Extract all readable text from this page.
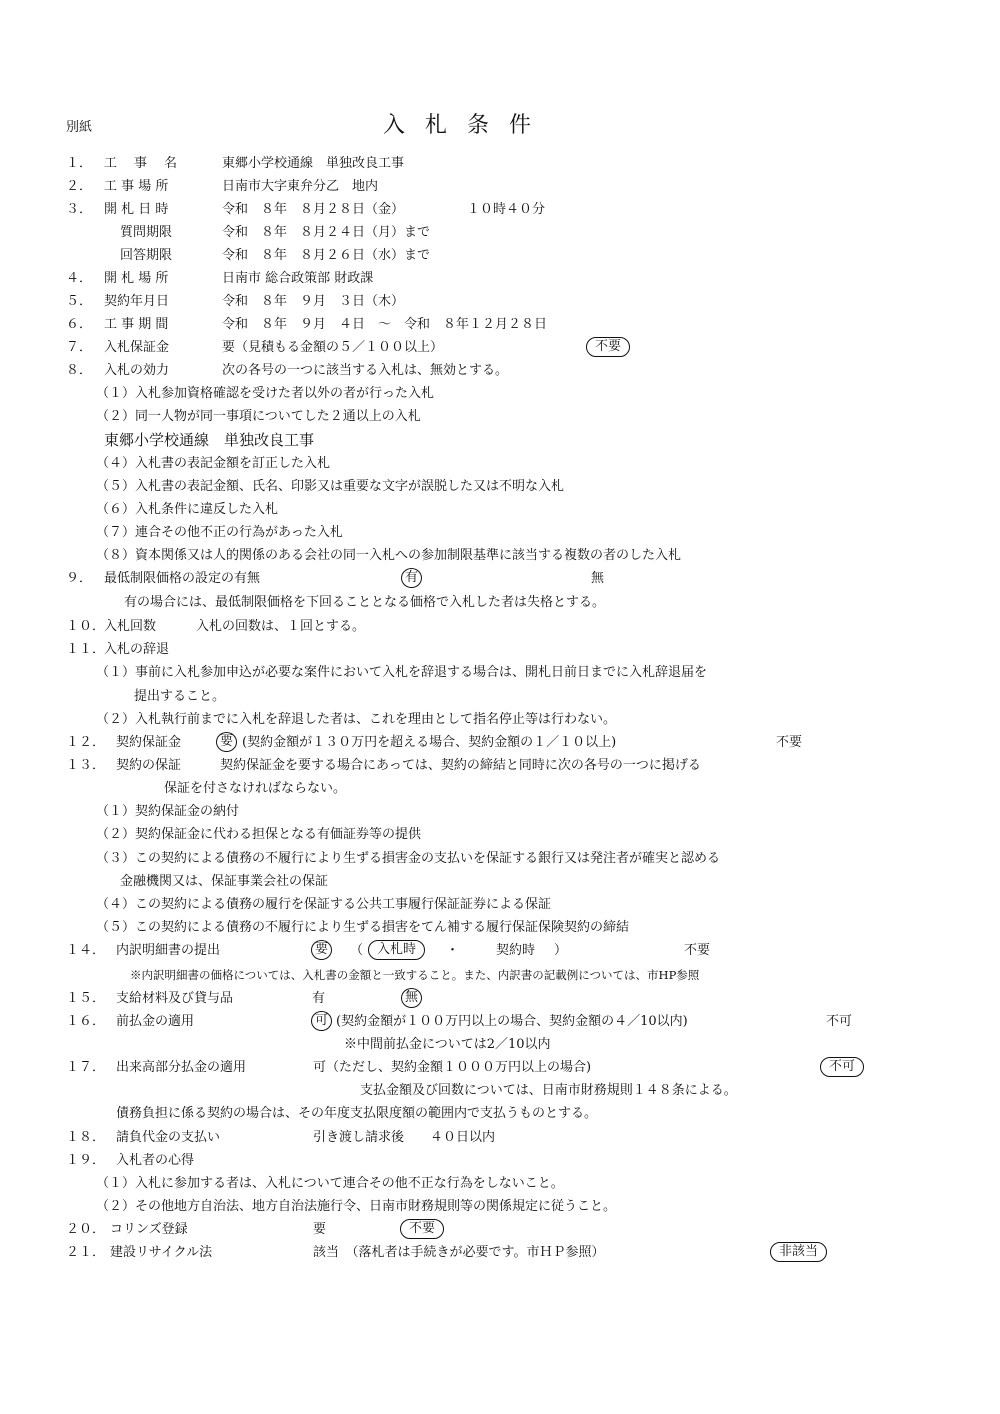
別紙	入札条件
１． 工　事　名	東郷小学校通線　単独改良工事
２． 工 事 場 所	日南市大字東弁分乙　地内
３． 開 札 日 時	令和　８年　８月２８日（金）	１０時４０分
質問期限	令和　８年　８月２４日（月）まで
回答期限	令和　８年　８月２６日（水）まで
４． 開 札 場 所	日南市 総合政策部 財政課
５． 契約年月日	令和　８年　９月　３日（木）
６． 工 事 期 間	令和　８年　９月　４日　～　令和　８年１２月２８日
７． 入札保証金	要（見積もる金額の５／１００以上）	不要
８． 入札の効力	次の各号の一つに該当する入札は、無効とする。
（１）入札参加資格確認を受けた者以外の者が行った入札
（２）同一人物が同一事項についてした２通以上の入札
東郷小学校通線　単独改良工事
（４）入札書の表記金額を訂正した入札
（５）入札書の表記金額、氏名、印影又は重要な文字が誤脱した又は不明な入札
（６）入札条件に違反した入札
（７）連合その他不正の行為があった入札
（８）資本関係又は人的関係のある会社の同一入札への参加制限基準に該当する複数の者のした入札
９． 最低制限価格の設定の有無	有	無
有の場合には、最低制限価格を下回ることとなる価格で入札した者は失格とする。
１０．
入札回数	入札の回数は、１回とする。
１１．
入札の辞退
（１）事前に入札参加申込が必要な案件において入札を辞退する場合は、開札日前日までに入札辞退届を
提出すること。
（２）入札執行前までに入札を辞退した者は、これを理由として指名停止等は行わない。
１２． 契約保証金	要 (契約金額が１３０万円を超える場合、契約金額の１／１０以上)	不要
１３． 契約の保証	契約保証金を要する場合にあっては、契約の締結と同時に次の各号の一つに掲げる
保証を付さなければならない。
（１）契約保証金の納付
（２）契約保証金に代わる担保となる有価証券等の提供
（３）この契約による債務の不履行により生ずる損害金の支払いを保証する銀行又は発注者が確実と認める
金融機関又は、保証事業会社の保証
（４）この契約による債務の履行を保証する公共工事履行保証証券による保証
（５）この契約による債務の不履行により生ずる損害をてん補する履行保証保険契約の締結
１４． 内訳明細書の提出	要	（	入札時	・	契約時 ）	不要
※内訳明細書の価格については、入札書の金額と一致すること。また、内訳書の記載例については、市HP参照
１５． 支給材料及び貸与品	有	無
１６． 前払金の適用	可 (契約金額が１００万円以上の場合、契約金額の４／10以内)	不可
※中間前払金については2／10以内
１７． 出来高部分払金の適用	可（ただし、契約金額１０００万円以上の場合)	不可
支払金額及び回数については、日南市財務規則１４８条による。
債務負担に係る契約の場合は、その年度支払限度額の範囲内で支払うものとする。
１８． 請負代金の支払い	引き渡し請求後　　４０日以内
１９． 入札者の心得
（１）入札に参加する者は、入札について連合その他不正な行為をしないこと。
（２）その他地方自治法、地方自治法施行令、日南市財務規則等の関係規定に従うこと。
２０． コリンズ登録	要	不要
２１． 建設リサイクル法	該当　（落札者は手続きが必要です。市ＨＰ参照）	非該当
